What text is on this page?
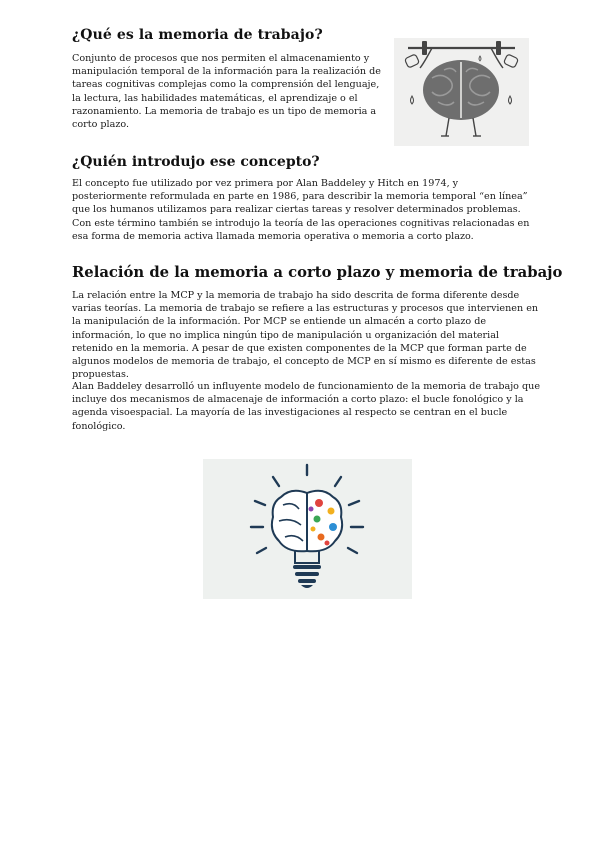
¿Qué es la memoria de trabajo?

Conjunto de procesos que nos permiten el almacenamiento y manipulación temporal de la información para la realización de tareas cognitivas complejas como la comprensión del lenguaje, la lectura, las habilidades matemáticas, el aprendizaje o el razonamiento. La memoria de trabajo es un tipo de memoria a corto plazo.

¿Quién introdujo ese concepto?

El concepto fue utilizado por vez primera por Alan Baddeley y Hitch en 1974, y posteriormente reformulada en parte en 1986, para describir la memoria temporal “en línea” que los humanos utilizamos para realizar ciertas tareas y resolver determinados problemas. Con este término también se introdujo la teoría de las operaciones cognitivas relacionadas en esa forma de memoria activa llamada memoria operativa o memoria a corto plazo.

Relación de la memoria a corto plazo y memoria de trabajo

La relación entre la MCP y la memoria de trabajo ha sido descrita de forma diferente desde varias teorías. La memoria de trabajo se refiere a las estructuras y procesos que intervienen en la manipulación de la información. Por MCP se entiende un almacén a corto plazo de información, lo que no implica ningún tipo de manipulación u organización del material retenido en la memoria. A pesar de que existen componentes de la MCP que forman parte de algunos modelos de memoria de trabajo, el concepto de MCP en sí mismo es diferente de estas propuestas.

Alan Baddeley desarrolló un influyente modelo de funcionamiento de la memoria de trabajo que incluye dos mecanismos de almacenaje de información a corto plazo: el bucle fonológico y la agenda visoespacial. La mayoría de las investigaciones al respecto se centran en el bucle fonológico.
